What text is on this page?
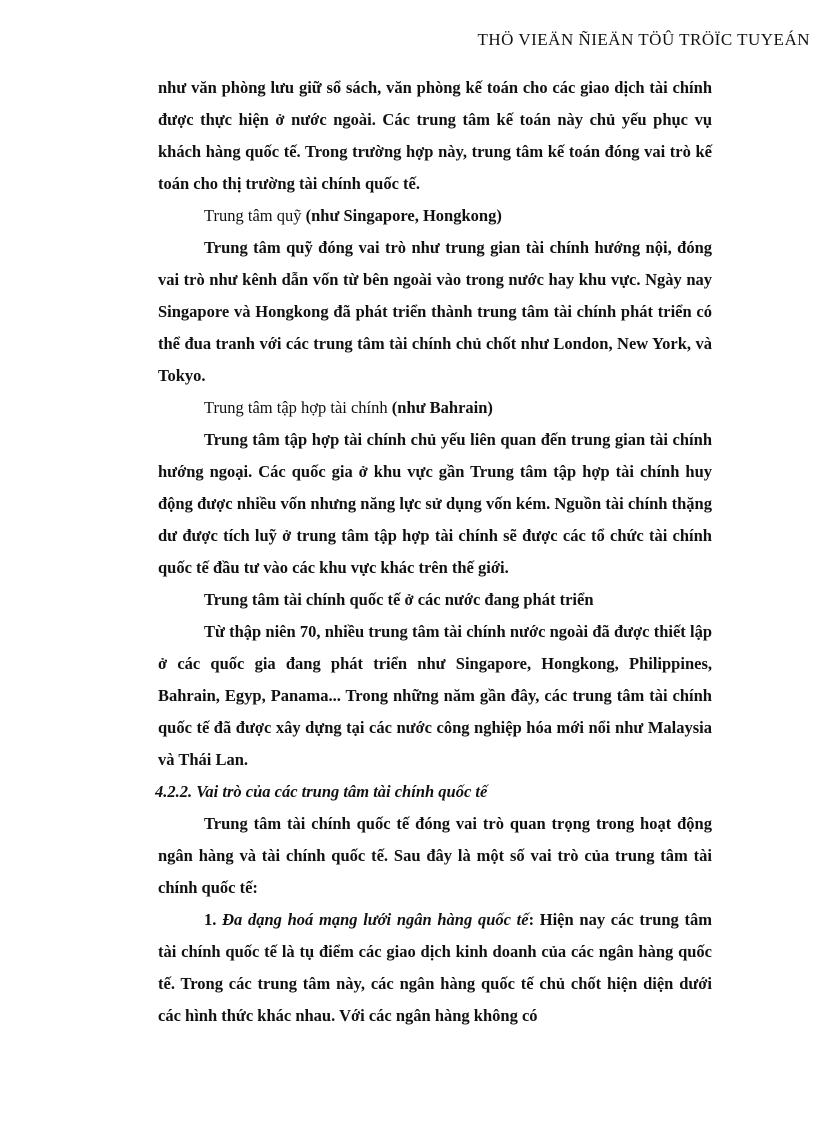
THÖ VIEÄN ÑIEÄN TÖÛ TRÖÏC TUYEÁN

như văn phòng lưu giữ sổ sách, văn phòng kế toán cho các giao dịch tài chính được thực hiện ở nước ngoài. Các trung tâm kế toán này chủ yếu phục vụ khách hàng quốc tế. Trong trường hợp này, trung tâm kế toán đóng vai trò kế toán cho thị trường tài chính quốc tế.

Trung tâm quỹ (như Singapore, Hongkong)

Trung tâm quỹ đóng vai trò như trung gian tài chính hướng nội, đóng vai trò như kênh dẫn vốn từ bên ngoài vào trong nước hay khu vực. Ngày nay Singapore và Hongkong đã phát triển thành trung tâm tài chính phát triển có thể đua tranh với các trung tâm tài chính chủ chốt như London, New York, và Tokyo.

Trung tâm tập hợp tài chính (như Bahrain)

Trung tâm tập hợp tài chính chủ yếu liên quan đến trung gian tài chính hướng ngoại. Các quốc gia ở khu vực gần Trung tâm tập hợp tài chính huy động được nhiều vốn nhưng năng lực sử dụng vốn kém. Nguồn tài chính thặng dư được tích luỹ ở trung tâm tập hợp tài chính sẽ được các tổ chức tài chính quốc tế đầu tư vào các khu vực khác trên thế giới.

Trung tâm tài chính quốc tế ở các nước đang phát triển

Từ thập niên 70, nhiều trung tâm tài chính nước ngoài đã được thiết lập ở các quốc gia đang phát triển như Singapore, Hongkong, Philippines, Bahrain, Egyp, Panama... Trong những năm gần đây, các trung tâm tài chính quốc tế đã được xây dựng tại các nước công nghiệp hóa mới nổi như Malaysia và Thái Lan.

4.2.2. Vai trò của các trung tâm tài chính quốc tế

Trung tâm tài chính quốc tế đóng vai trò quan trọng trong hoạt động ngân hàng và tài chính quốc tế. Sau đây là một số vai trò của trung tâm tài chính quốc tế:

1. Đa dạng hoá mạng lưới ngân hàng quốc tế: Hiện nay các trung tâm tài chính quốc tế là tụ điểm các giao dịch kinh doanh của các ngân hàng quốc tế. Trong các trung tâm này, các ngân hàng quốc tế chủ chốt hiện diện dưới các hình thức khác nhau. Với các ngân hàng không có
